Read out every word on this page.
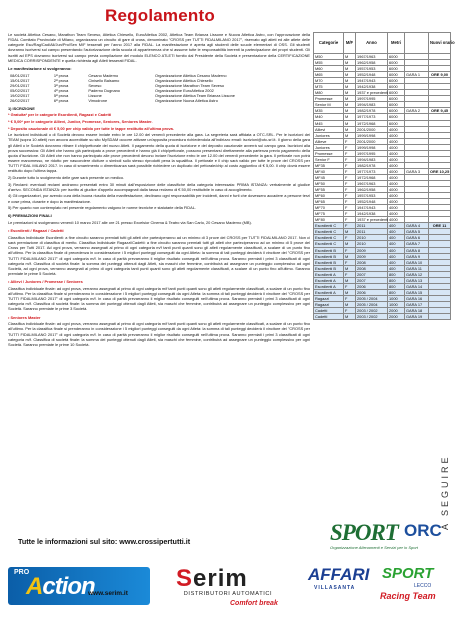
Regolamento

Le società Atletica Cesano, Marathon Team Seveso, Atletica Chiesello, EuroAtletica 2002, Atletica Team Brianza Lissone e Nuova Atletica Astro, con l'approvazione della FIDAL Comitato Provinciale di Milano, organizzano un circuito di gare di cross, denominato "CROSS per TUTTI FIDALMILANO 2017", riservato agli atleti ed alle atlete delle categorie Eso/Rag/Cad/All/Jun/Pro/Sen M/F tesserati per l'anno 2017 alla FIDAL. La manifestazione è aperta agli studenti delle scuole elementari di OSS. Gli studenti dovranno iscriversi sul campo presentando l'autorizzazione della scuola di appartenenza che si assume tutte le responsabilità inerenti la partecipazione dei propri studenti. Gli iscritti ad EPS dovranno iscriversi sul campo previa compilazione del modulo ELENCO ATLETI fornito dal Presidente della Società e presentazione della CERTIFICAZIONE MEDICA CORRISPONDENTE e quella richiesta agli Atleti tesserati FIDAL.

Le manifestazione si svolgeranno:

08/01/2017	1ª prova	Cesano Maderno	Organizzazione Atletica Cesano Maderno
15/01/2017	2ª prova	Cinisello Balsamo	Organizzazione Atletica Chiesello
29/01/2017	3ª prova	Seveso	Organizzazione Marathon Team Seveso
05/02/2017	4ª prova	Paderno Dugnano	Organizzazione EuroAtletica 2002
19/02/2017	5ª prova	Lissone	Organizzazione Atletica Team Brianza Lissone
26/02/2017	6ª prova	Vimodrone	Organizzazione Nuova Atletica Astro

1) ISCRIZIONE

* Gratuita* per le categorie Esordienti, Ragazzi e Cadetti

* € 5,00* per le categorie Allievi, Juniior, Promesse, Seniores, Seniores Master.

* Deposito cauzionale di € 5,00 per chip valido per tutte le tappe restituito all'ultima prova.

Le iscrizioni individuali o di Società devono essere inviate entro le ore 12.00 del venerdì precedente alla gara. La segreteria sarà affidata a OTC-SRL. Per le iscrizioni dei TEAM (sopra 10 atleti) non ancora accreditate su sito MySDAM occorre attivare un'apposita procedura richiedendola all'indirizzo email: iscrizioni@otc-srl.it. Il giorno della gara gli Atleti o le Società dovranno ritirare il chip/pettorale del nuovo Atleti. Il pagamento della quota di iscrizione e del deposito cauzionale avverrà sul campo gara. Iscrizioni alla prova successiva: Gli Atleti che hanno già partecipato a prove precedenti e hanno già il chip/pettorale, possono presentarsi direttamente alla partenza previo pagamento della quota d'iscrizione. Gli Atleti che non hanno partecipato alle prove precedenti devono inviare l'iscrizione entro le ore 12.00 del venerdì precedente la gara. Il pettorale non potrà essere manomesso, ne ridotto per nascondere diciture o simboli sullo stesso riprodotti pena la squalifica. Il pettorale e il chip sarà valido per tutte le prove del CROSS per TUTTI FIDAL MILANO 2017. In caso di smarrimento o dimenticanza sarà possibile richiedere un duplicato del pettorale/chip al costo aggiuntivo di € 5,00. Il chip dovrà essere restituito dopo l'ultima tappa.

2) Durante tutto lo svolgimento delle gare sarà presente un medico.

3) Reclami: eventuali reclami andranno presentati entro 30 minuti dall'esposizione delle classifiche della categoria interessata: PRIMA ISTANZA: verbalmente al giudice d'arrivo. SECONDA ISTANZA: per iscritto al giudice d'appello accompagnati dalla tassa reclamo di € 50,00 restituibile in caso di accoglimento.

4) Gli organizzatori, pur avendo cura della buona riuscita della manifestazione, declinano ogni responsabilità per incidenti, danni e furti che dovessero accadere a persone terzi e cose prima, durante e dopo la manifestazione.

5) Per quanto non contemplato nel presente regolamento valgono le norme tecniche e statutarie della FIDAL.

6) PREMIAZIONI FINALI

Le premiazioni si svolgeranno venerdì 10 marzo 2017 alle ore 21 presso Excelsior Cinema & Teatro via San Carlo, 20 Cesano Maderno (MB).

• Esordienti / Ragazzi / Cadetti

Classifica Individuale Esordienti: a fine circuito saranno premiati tutti gli atleti che parteciperanno ad un minimo di 3 prove del CROSS per TUTTI FIDALMILANO 2017. Non ci sarà premiazione di classifica di merito. Classifica Individuale Ragazzi/Cadetti: a fine circuito saranno premiati tutti gli atleti che parteciperanno ad un minimo di 5 prove del Cross per Tutti 2017. Ad ogni prova, verranno assegnati al primo di ogni categoria m/f tanti punti quanti sono gli atleti regolarmente classificati, a scalare di un punto fino all'ultimo. Per la classifica finale di precedenza in considerazione i 5 migliori punteggi conseguiti da ogni Atleta: la somma di tali punteggi deciderà il vincitore del "CROSS per TUTTI FIDALMILANO 2017" di ogni categoria m/f. In caso di parità prevarranno il miglior risultato conseguiti nell'ultima prova. Saranno premiati i primi 3 classificati di ogni categoria m/f. Classifica di società finale: la somma dei punteggi ottenuti dagli Atleti, sia maschi che femmine, contribuirà ad assegnare un punteggio complessivo ad ogni Società, ad ogni prova, verranno assegnati al primo di ogni categoria tanti punti quanti sono gli atleti regolarmente classificati, a scalare di un punto fino all'ultimo. Saranno premiate le prime 5 Società.

• Allievi / Juniores / Promesse / Seniores

Classifica individuale finale: ad ogni prova, verranno assegnati al primo di ogni categoria m/f tanti punti quanti sono gli atleti regolarmente classificati, a scalare di un punto fino all'ultimo. Per la classifica finale si prenderanno in considerazione i 5 migliori punteggi conseguiti da ogni Atleta: la somma di tali punteggi deciderà il vincitore del "CROSS per TUTTI FIDALMILANO 2017" di ogni categoria m/f. In caso di parità prevarranno il miglior risultato conseguiti nell'ultima prova. Saranno premiati i primi 3 classificati di ogni categoria m/f. Classifica di società finale: la somma dei punteggi ottenuti dagli Atleti, sia maschi che femmine, contribuirà ad assegnare un punteggio complessivo per ogni Società. Saranno premiate le prime 3 Società.

• Seniores Master

Classifica individuale finale: ad ogni prova, verranno assegnati al primo di ogni categoria m/f tanti punti quanti sono gli atleti regolarmente classificati, a scalare di un punto fino all'ultimo. Per la classifica finale si prenderanno in considerazione i 5 migliori punteggi conseguiti da ogni Atleta: la somma di tali punteggi deciderà il vincitore del "CROSS per TUTTI FIDALMILANO 2017" di ogni categoria m/f. In caso di parità prevarranno il miglior risultato conseguiti nell'ultima prova. Saranno premiati i primi 3 classificati di ogni categoria m/f. Classifica di società finale: la somma dei punteggi ottenuti dagli Atleti, sia maschi che femmine, contribuirà ad assegnare un punteggio complessivo per ogni Società. Saranno premiate le prime 10 Società.

Categorie	M/F	Anno	Metri		Nuovi orario
M50	M	1967/1963	6000		
M55	M	1962/1958	6000		
M60	M	1957/1953	6000		
M65	M	1952/1948	6000	GARA 1	ORE 9,00
M70	M	1947/1943	6000		
M75	M	1942/1938	6000		
M80	M	1937 e precedenti	6000		
Promesse	M	1997/1995	6000		
Senior M	M	1994/1983	6000		
M35	M	1982/1978	6000	GARA 2	ORE 9,45
M40	M	1977/1973	6000		
M45	M	1972/1968	6000		
Allievi	M	2001/2000	4000		
Juniores	M	1999/1998	4000		
Allieve	F	2001/2000	4000		
Juniores	F	1999/1998	4000		
Promesse	F	1997/1995	4000		
Senior F	F	1994/1983	4000		
MF35	F	1982/1978	4000		
MF40	F	1977/1973	4000	GARA 3	ORE 10,25
MF45	F	1972/1968	4000		
MF50	F	1967/1963	4000		
MF55	F	1962/1958	4000		
MF60	F	1957/1953	4000		
MF65	F	1952/1948	4000		
MF70	F	1947/1943	4000		
MF75	F	1942/1938	4000		
MF80	F	1937 e precedenti	4000		
Esordienti C	F	2011	400	GARA 4	ORE 11
Esordienti C	M	2011	400	GARA 5	
Esordienti C	F	2010	400	GARA 6	
Esordienti C	M	2010	400	GARA 7	
Esordienti B	F	2009	400	GARA 8	
Esordienti B	M	2009	400	GARA 9	
Esordienti B	F	2008	400	GARA 10	
Esordienti B	M	2008	400	GARA 11	
Esordienti A	F	2007	800	GARA 12	
Esordienti A	M	2007	800	GARA 13	
Esordienti A	F	2006	800	GARA 14	
Esordienti A	M	2006	800	GARA 15	
Ragazzi	F	2005 / 2004	1000	GARA 16	
Ragazzi	M	2005 / 2004	1000	GARA 17	
Cadetti	F	2003 / 2002	2000	GARA 18	
Cadetti	M	2003 / 2002	2000	GARA 19	
A SEGUIRE
Tutte le informazioni sul sito: www.crossipertutti.it	SPORT ORC
Organizzazione Allenamenti e Servizi per lo Sport
PRO
Action	Serim
DISTRIBUTORI AUTOMATICI
Comfort break
www.serim.it
AFFARI
VILLASANTA
SPORT
LECCO
Racing Team
